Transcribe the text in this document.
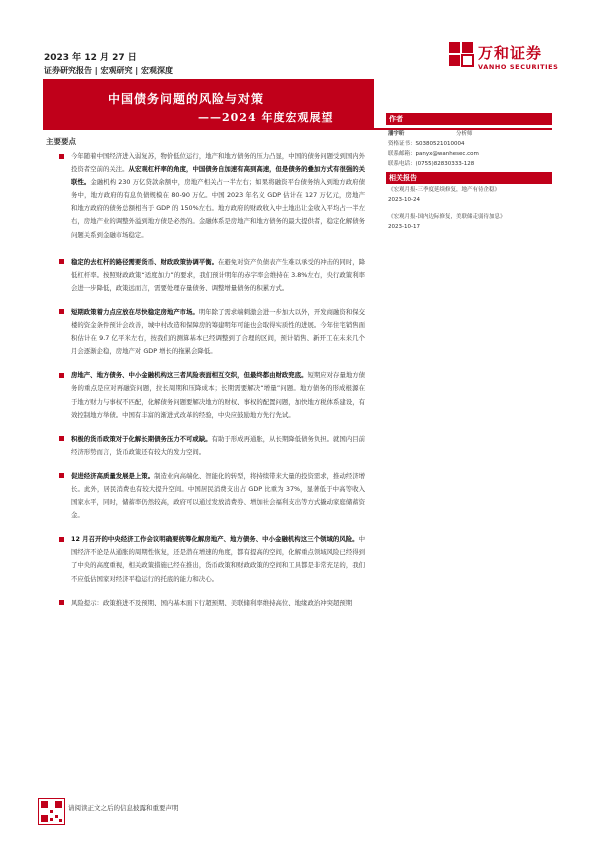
2023 年 12 月 27 日
证券研究报告 | 宏观研究 | 宏观深度
万和证券
VANHO SECURITIES
中国债务问题的风险与对策
——2024 年度宏观展望
主要要点
今年随着中国经济进入弱复苏，物价低位运行，地产和地方债务的压力凸显，中国的债务问题受到国内外投资者空前的关注。从宏观杠杆率的角度，中国债务自加速有高到高速，但是债务的叠加方式有很强的关联性。金融机构 230 万亿贷款余额中，房地产相关占一半左右；如果将融资平台债务纳入到地方政府债务中，地方政府的有息负债规模在 80-90 万亿。中国 2023 年名义 GDP 估计在 127 万亿元，房地产和地方政府的债务总额相当于 GDP 的 150%左右。地方政府的财政收入中土地出让金收入平均占一半左右，房地产业的调整外溢到地方债是必然的。金融体系是房地产和地方债务的最大提供者，稳定化解债务问题关系到金融市场稳定。
稳定的去杠杆的路径需要货币、财政政策协调平衡。在避免对资产负债表产生难以承受的冲击的同时，降低杠杆率。按照财政政策“适度加力”的要求，我们预计明年的赤字率会维持在 3.8%左右，央行政策利率会进一步降低，政策远而言，需要处理存量债务、调整增量债务的积累方式。
短期政策着力点应放在尽快稳定房地产市场。明年除了需求端刺激会进一步加大以外，开发商融资和保交楼的资金条件预计会改善，城中村改造和保障房的筹建明年可能也会取得实质性的进展。今年住宅销售面积估计在 9.7 亿平米左右，按我们的测算基本已经调整到了合理的区间，预计销售、新开工在未来几个月会逐渐企稳，房地产对 GDP 增长的拖累会降低。
房地产、地方债务、中小金融机构这三者风险表面相互交织，但最终都由财政兜底。短期应对存量地方债务的重点是应对再融资问题，拉长周期和压降成本；长期需要解决“增量”问题。地方债务的形成根源在于地方财力与事权不匹配，化解债务问题要解决地方的财权、事权的配置问题，加快地方税体系建设，有效控制地方举债。中国有丰富的渐进式改革的经验，中央应鼓励地方先行先试。
积极的货币政策对于化解长期债务压力不可或缺。有助于形成再通胀，从长期降低债务负担。就国内目前经济形势而言，货币政策还有较大的发力空间。
促进经济高质量发展是上策。制造业向高端化、智能化的转型，将持续带来大量的投资需求，推动经济增长。此外，居民消费也有较大提升空间。中国居民消费支出占 GDP 比重为 37%，显著低于中高等收入国家水平，同时，储蓄率仍然较高，政府可以通过发放消费券、增加社会福利支出等方式撬动家庭储蓄资金。
12 月召开的中央经济工作会议明确要统筹化解房地产、地方债务、中小金融机构这三个领域的风险。中国经济不论是从通胀的周期性恢复，还是潜在增速的角度，都有提高的空间，化解重点领域风险已经得到了中央的高度重视，相关政策措施已经在推出，货币政策和财政政策的空间和工具都是非常充足的，我们不应低估国家对经济平稳运行的托底的能力和决心。
风险提示：政策推进不及预期、国内基本面下行超预期、美联储利率维持高位、地缘政治冲突超预期
作者
潘宇昕	分析师
资格证书：S0380521010004
联系邮箱：panyx@wanhesec.com
联系电话：(0755)82830333-128
相关报告
《宏观月报-三季度延续修复，地产有待企稳》
2023-10-24
《宏观月报-国内边际修复，美联储走弱待加息》
2023-10-17
请阅读正文之后的信息披露和重要声明
